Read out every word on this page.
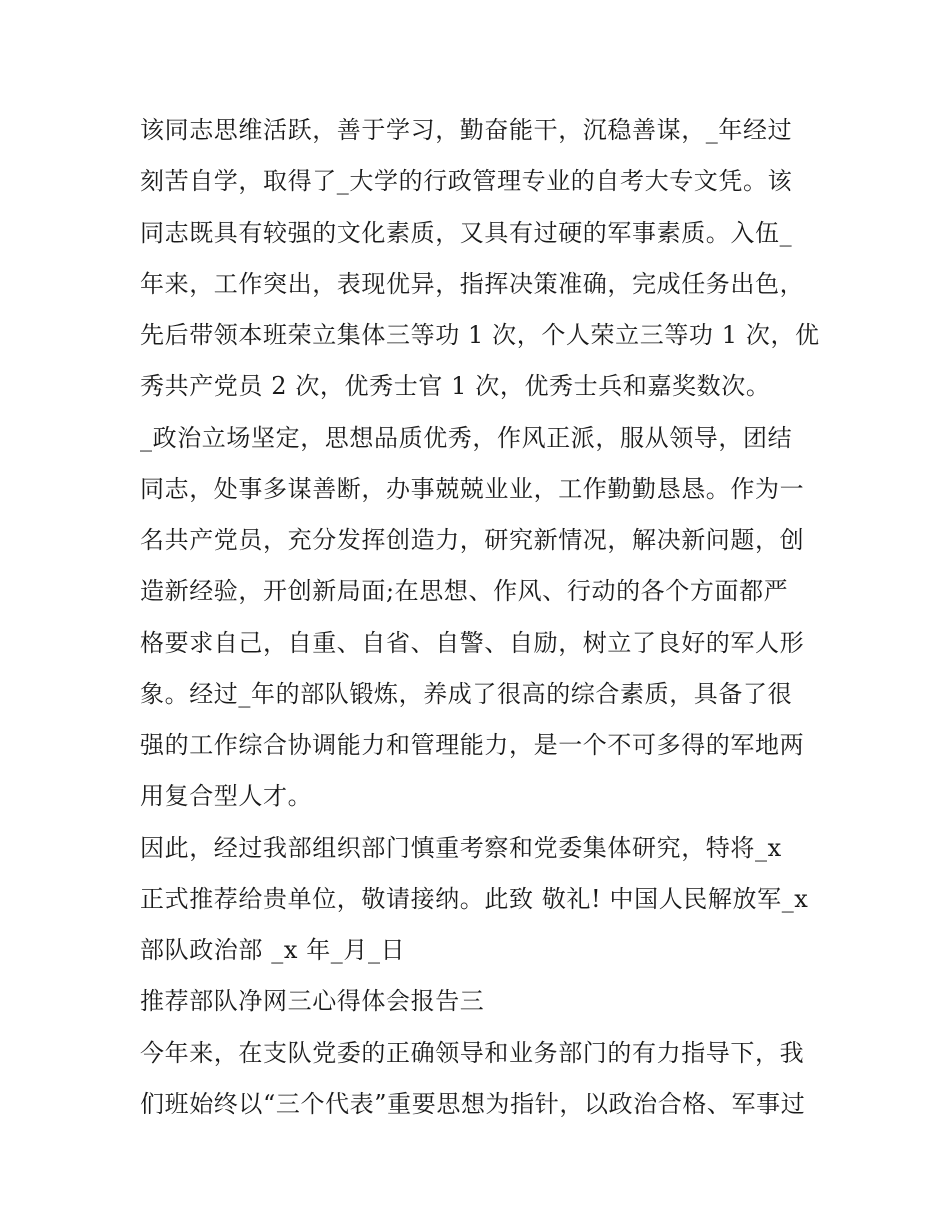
该同志思维活跃，善于学习，勤奋能干，沉稳善谋，_年经过

刻苦自学，取得了_大学的行政管理专业的自考大专文凭。该

同志既具有较强的文化素质，又具有过硬的军事素质。入伍_

年来，工作突出，表现优异，指挥决策准确，完成任务出色，

先后带领本班荣立集体三等功 1 次，个人荣立三等功 1 次，优

秀共产党员 2 次，优秀士官 1 次，优秀士兵和嘉奖数次。

_政治立场坚定，思想品质优秀，作风正派，服从领导，团结

同志，处事多谋善断，办事兢兢业业，工作勤勤恳恳。作为一

名共产党员，充分发挥创造力，研究新情况，解决新问题，创

造新经验，开创新局面;在思想、作风、行动的各个方面都严

格要求自己，自重、自省、自警、自励，树立了良好的军人形

象。经过_年的部队锻炼，养成了很高的综合素质，具备了很

强的工作综合协调能力和管理能力，是一个不可多得的军地两

用复合型人才。

因此，经过我部组织部门慎重考察和党委集体研究，特将_x

正式推荐给贵单位，敬请接纳。此致 敬礼! 中国人民解放军_x

部队政治部 _x 年_月_日

推荐部队净网三心得体会报告三

今年来，在支队党委的正确领导和业务部门的有力指导下，我

们班始终以“三个代表”重要思想为指针，以政治合格、军事过
